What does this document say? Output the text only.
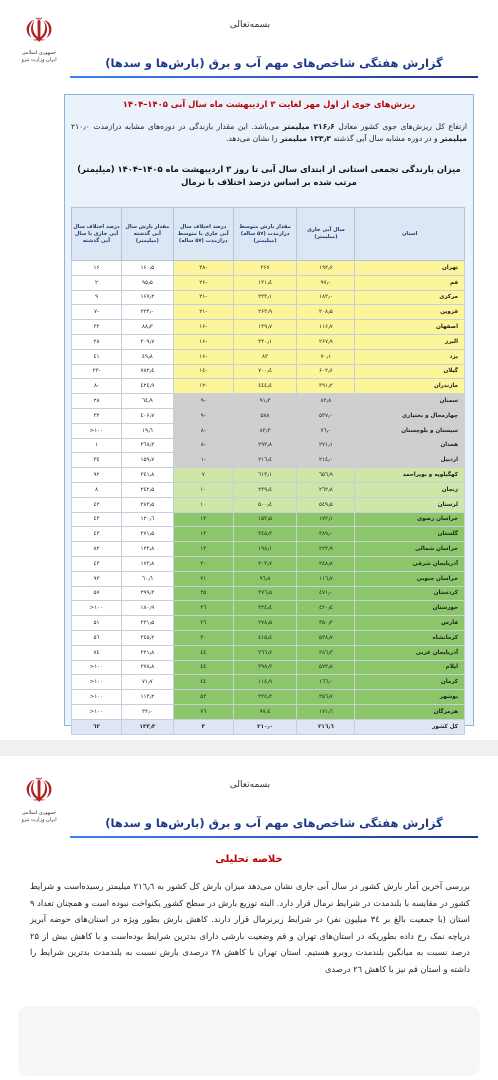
☫
جمهوری اسلامی ایران وزارت نیرو
بسمه‌تعالی
گزارش هفتگی شاخص‌های مهم آب و برق (بارش‌ها و سدها)
ریزش‌های جوی از اول مهر لغایت ۳ اردیبهشت ماه سال آبی ۱۴۰۵–۱۴۰۴
ارتفاع کل ریزش‌های جوی کشور معادل ۲۱۶٫۶ میلیمتر می‌باشد. این مقدار بارندگی در دوره‌های مشابه درازمدت ۲۱۰٫۰ میلیمتر و در دوره مشابه سال آبی گذشته ۱۳۳٫۳ میلیمتر را نشان می‌دهد.
میزان بارندگی تجمعی استانی از ابتدای سال آبی تا روز ۳ اردیبهشت ماه ۱۴۰۵–۱۴۰۴ (میلیمتر)
مرتب شده بر اساس درصد اختلاف با نرمال
استان	سال آبی جاری (میلیمتر)	مقدار بارش متوسط درازمدت (۵۷ ساله) (میلیمتر)	درصد اختلاف سال آبی جاری با متوسط درازمدت (۵۷ ساله)	مقدار بارش سال آبی گذشته (میلیمتر)	درصد اختلاف سال آبی جاری با سال آبی گذشته
تهران	۱۹۲٫۶	۲۶۷	-۲۸	۱۶۰٫۵	۱۶
قم	۹۷٫۰	۱۳۱٫٤	-۲۶	۹۵٫۵	۲
مرکزی	۱۸۳٫۰	۲۳۳٫۱	-۲۱	۱۶۷٫۲	۹
قزوین	۲۰۸٫۵	۲۶۳٫۹	-۲۱	۲۲۴٫۰	-۷
اصفهان	۱۱۶٫۷	۱۳۹٫۷	-۱۶	۸۸٫۳	۳۲
البرز	۲۶۷٫۹	۳۲۰٫۱	-۱۶	۲۰۹٫۷	۲۸
یزد	۷۰٫۱	۸۳	-۱۶	٤۹٫۸	٤۱
گیلان	۶۰۲٫۶	۷۰۰٫٤	-۱٤	۷۸۲٫٤	-۲۳
مازندران	۳۹۱٫۲	٤٤٤٫٤	-۱۲	٤۲٤٫۹	-۸
سمنان	۸۳٫۸	۹۱٫۳	-۹	٦٤٫۹	۲۸
چهارمحال و بختیاری	۵۳۷٫۰	۵۸۸	-۹	٤۰۶٫۷	۳۲
سیستان و بلوچستان	۷٦٫۰	۸۳٫۳	-۸	۱۹٫٦	۱۰۰<
همدان	۲۷۱٫۱	۲۹۳٫۸	-۸	۲٦۸٫۳	۱
اردبیل	۲۱٤٫۰	۲۱٦٫٤	-۱	۱۵۹٫۷	۳٤
کهگیلویه و بویراحمد	٦۵٦٫۹	٦۱۳٫۱	۷	۳٤۱٫۸	۹۲
زنجان	۲٦۲٫۸	۲۳۹٫٤	۱۰	۲٤۲٫۵	۸
لرستان	۵٤۹٫۵	۵۰۰٫٤	۱۰	۳۸۳٫۵	٤۳
خراسان رضوی	۱۷۲٫۱	۱۵۳٫۵	۱۲	۱۲۰٫٦	٤۳
گلستان	۳۸۹٫۰	۳٤۵٫۳	۱۳	۲۷۱٫۵	٤۳
خراسان شمالی	۲۲۳٫۹	۱۹۸٫۱	۱۳	۱۲۲٫۸	۸۲
آذربایجان شرقی	۲٤۸٫۸	۲۰۳٫۷	۲۰	۱۷۳٫۸	٤۳
خراسان جنوبی	۱۱٦٫۷	۹٦٫۸	۲۱	٦۰٫٦	۹۳
کردستان	٤۷۱٫۰	۳۷٦٫۵	۲۵	۲۹۹٫۳	۵۷
خوزستان	٤۲۰٫٤	۳۳٤٫٤	۲٦	۱۸۰٫۹	۱۰۰<
فارس	۳۵۰٫۲	۲۷۸٫۵	۲٦	۲۳۱٫۵	۵۱
کرمانشاه	۵۳۸٫۷	٤۱۵٫٤	۳۰	۳٤۵٫۲	۵٦
آذربایجان غربی	۳۸٦٫۳	۲٦٦٫۷	٤٤	۲۲۱٫۸	۷٤
ایلام	۵۷۳٫۸	۳۹۸٫۳	٤٤	۲۷۸٫۸	۱۰۰<
کرمان	۱٦٦٫۰	۱۱٤٫۹	٤٤	۷۱٫۷	۱۰۰<
بوشهر	۳۵٦٫۷	۲۳٤٫۳	۵۲	۱۱۳٫۲	۱۰۰<
هرمزگان	۱۷۱٫٦	۹۷٫٤	۷٦	۳۳٫۰	۱۰۰<
کل کشور	۲۱٦٫٦	۲۱۰٫۰	۳	۱۳۳٫۳	٦۲
☫
جمهوری اسلامی ایران وزارت نیرو
بسمه‌تعالی
گزارش هفتگی شاخص‌های مهم آب و برق (بارش‌ها و سدها)
خلاصه تحلیلی
بررسی آخرین آمار بارش کشور در سال آبی جاری نشان می‌دهد میزان بارش کل کشور به ۲۱٦٫٦ میلیمتر رسیده‌است و شرایط کشور در مقایسه با بلندمدت در شرایط نرمال قرار دارد. البته توزیع بارش در سطح کشور یکنواخت نبوده است و همچنان تعداد ۹ استان (با جمعیت بالغ بر ۳٤ میلیون نفر) در شرایط زیرنرمال قرار دارند. کاهش بارش بطور ویژه در استان‌های حوضه آبریز دریاچه نمک رخ داده بطوریکه در استان‌های تهران و قم وضعیت بارشی دارای بدترین شرایط بوده‌است و با کاهش بیش از ۲۵ درصد نسبت به میانگین بلندمدت روبرو هستیم. استان تهران با کاهش ۲۸ درصدی بارش نسبت به بلندمدت بدترین شرایط را داشته و استان قم نیز با کاهش ۲٦ درصدی
